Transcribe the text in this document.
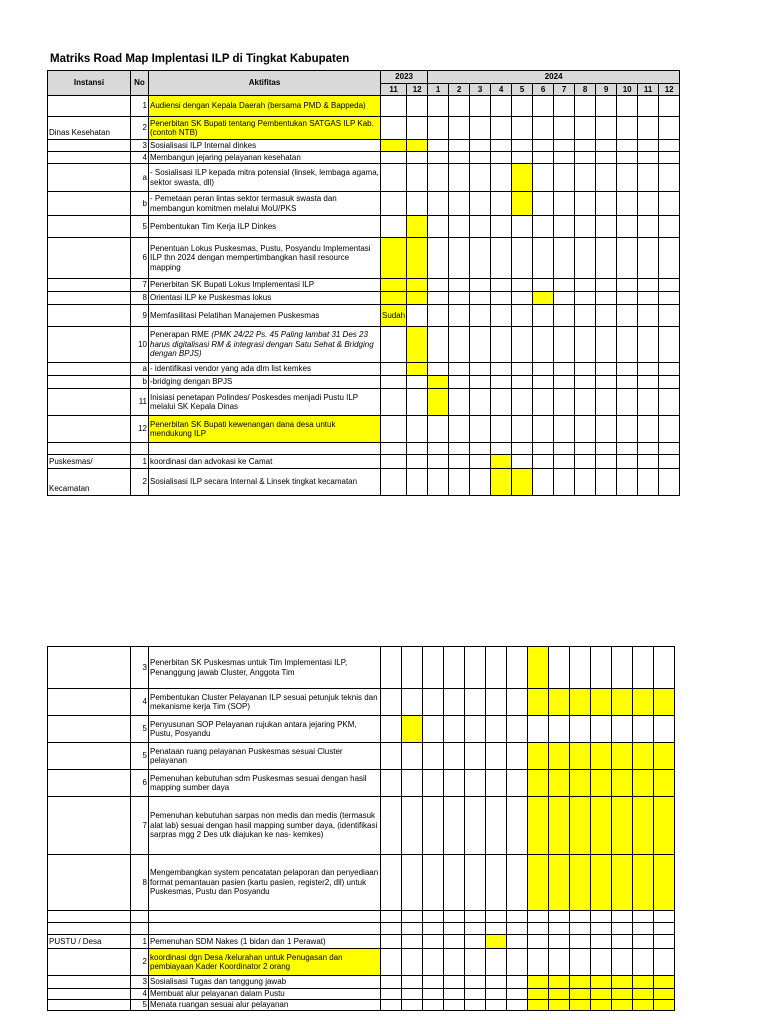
Matriks Road Map Implentasi ILP di Tingkat Kabupaten
Instansi	No	Aktifitas	2023		2024											
			11	12	1	2	3	4	5	6	7	8	9	10	11	12
	1	Audiensi dengan Kepala Daerah (bersama PMD & Bappeda)														
Dinas Kesehatan	2	Penerbitan SK Bupati tentang Pembentukan SATGAS ILP Kab. (contoh NTB)														
	3	Sosialisasi ILP Internal dinkes														
	4	Membangun jejaring pelayanan kesehatan														
	a	- Sosialisasi ILP kepada mitra potensial (linsek, lembaga agama, sektor swasta, dll)														
	b	- Pemetaan peran lintas sektor termasuk swasta dan membangun komitmen melalui MoU/PKS														
	5	Pembentukan Tim Kerja ILP Dinkes														
	6	Penentuan Lokus Puskesmas, Pustu, Posyandu Implementasi ILP thn 2024 dengan mempertimbangkan hasil resource mapping														
	7	Penerbitan SK Bupati Lokus Implementasi ILP														
	8	Orientasi ILP ke Puskesmas lokus														
	9	Memfasilitasi Pelatihan Manajemen Puskesmas	Sudah													
	10	Penerapan RME (PMK 24/22 Ps. 45 Paling lambat 31 Des 23 harus digitalisasi RM & integrasi dengan Satu Sehat & Bridging dengan BPJS)														
	a	- identifikasi vendor yang ada dlm list kemkes														
	b	-bridging dengan BPJS														
	11	Inisiasi penetapan Polindes/ Poskesdes menjadi Pustu ILP melalui SK Kepala Dinas														
	12	Penerbitan SK Bupati kewenangan dana desa untuk mendukung ILP														

Puskesmas/	1	koordinasi dan advokasi ke Camat														
Kecamatan	2	Sosialisasi ILP secara Internal & Linsek tingkat kecamatan														
	3	Penerbitan SK Puskesmas untuk Tim Implementasi ILP, Penanggung jawab Cluster, Anggota Tim														
	4	Pembentukan Cluster Pelayanan ILP sesuai petunjuk teknis dan mekanisme kerja Tim (SOP)														
	5	Penyusunan SOP Pelayanan rujukan antara jejaring PKM, Pustu, Posyandu														
	5	Penataan ruang pelayanan Puskesmas sesuai Cluster pelayanan														
	6	Pemenuhan kebutuhan sdm Puskesmas sesuai dengan hasil mapping sumber daya														
	7	Pemenuhan kebutuhan sarpas non medis dan medis (termasuk alat lab) sesuai dengan hasil mapping sumber daya, (identifikasi sarpras mgg 2 Des utk diajukan ke nas- kemkes)														
	8	Mengembangkan system pencatatan pelaporan dan penyediaan format pemantauan pasien (kartu pasien, register2, dll) untuk Puskesmas, Pustu dan Posyandu														

PUSTU / Desa	1	Pemenuhan SDM Nakes (1 bidan dan 1 Perawat)														
	2	koordinasi dgn Desa /kelurahan untuk Penugasan dan pembiayaan Kader Koordinator 2 orang														
	3	Sosialisasi Tugas dan tanggung jawab														
	4	Membuat alur pelayanan dalam Pustu														
	5	Menata ruangan sesuai alur pelayanan														
